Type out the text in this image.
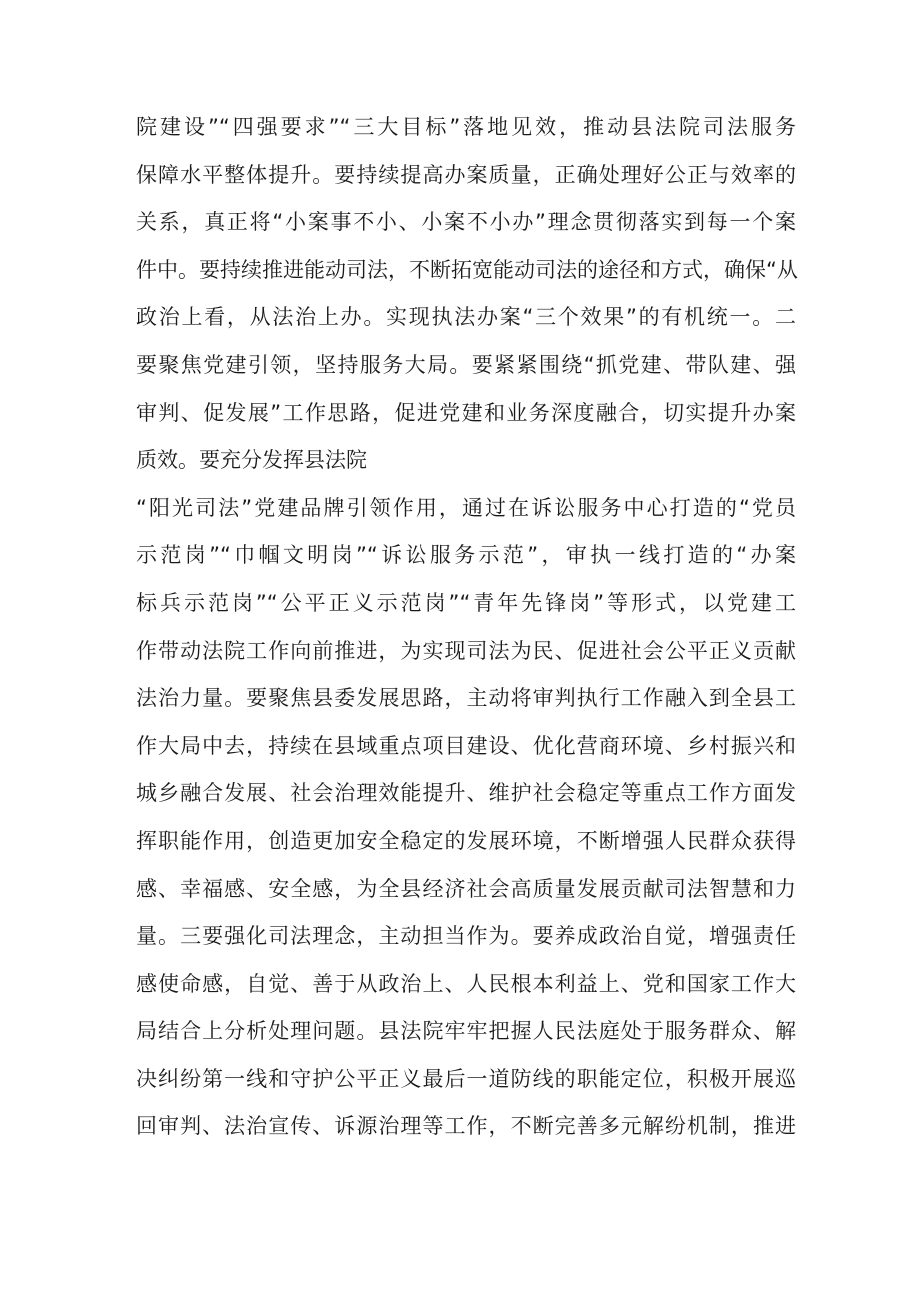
院建设”“四强要求”“三大目标”落地见效，推动县法院司法服务
保障水平整体提升。要持续提高办案质量，正确处理好公正与效率的
关系，真正将“小案事不小、小案不小办”理念贯彻落实到每一个案
件中。要持续推进能动司法，不断拓宽能动司法的途径和方式，确保“从
政治上看，从法治上办。实现执法办案“三个效果”的有机统一。二
要聚焦党建引领，坚持服务大局。要紧紧围绕“抓党建、带队建、强
审判、促发展”工作思路，促进党建和业务深度融合，切实提升办案
质效。要充分发挥县法院
“阳光司法”党建品牌引领作用，通过在诉讼服务中心打造的“党员
示范岗”“巾帼文明岗”“诉讼服务示范”，审执一线打造的“办案
标兵示范岗”“公平正义示范岗”“青年先锋岗”等形式，以党建工
作带动法院工作向前推进，为实现司法为民、促进社会公平正义贡献
法治力量。要聚焦县委发展思路，主动将审判执行工作融入到全县工
作大局中去，持续在县域重点项目建设、优化营商环境、乡村振兴和
城乡融合发展、社会治理效能提升、维护社会稳定等重点工作方面发
挥职能作用，创造更加安全稳定的发展环境，不断增强人民群众获得
感、幸福感、安全感，为全县经济社会高质量发展贡献司法智慧和力
量。三要强化司法理念，主动担当作为。要养成政治自觉，增强责任
感使命感，自觉、善于从政治上、人民根本利益上、党和国家工作大
局结合上分析处理问题。县法院牢牢把握人民法庭处于服务群众、解
决纠纷第一线和守护公平正义最后一道防线的职能定位，积极开展巡
回审判、法治宣传、诉源治理等工作，不断完善多元解纷机制，推进
